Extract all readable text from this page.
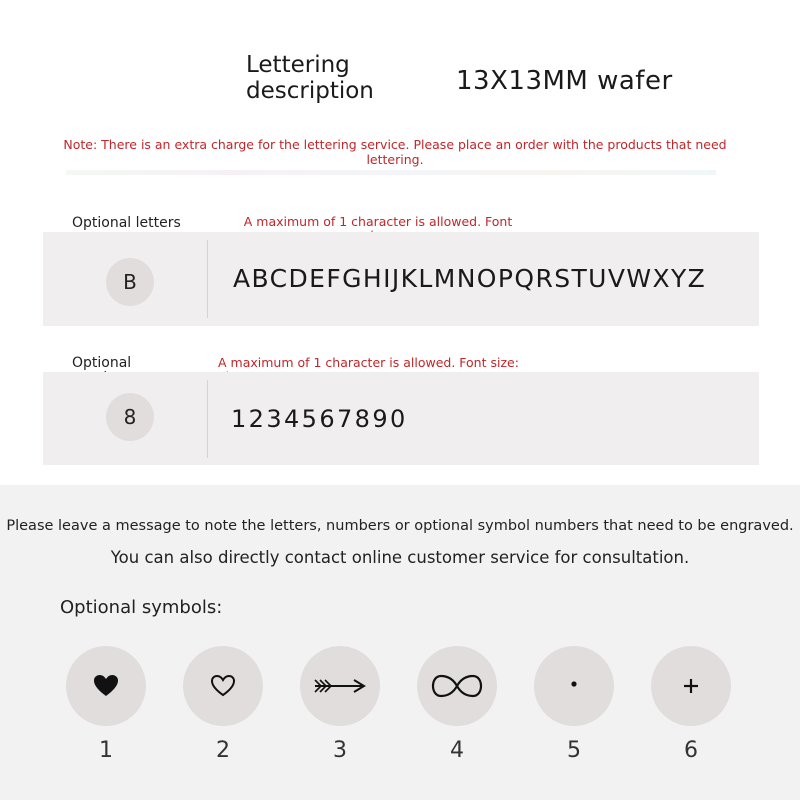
Lettering
description	13X13MM wafer
Note: There is an extra charge for the lettering service. Please place an order with the products that need
lettering.
Optional letters	A maximum of 1 character is allowed. Font
B	ABCDEFGHIJKLMNOPQRSTUVWXYZ
Optional	A maximum of 1 character is allowed. Font size:
8	1234567890
Please leave a message to note the letters, numbers or optional symbol numbers that need to be engraved.
You can also directly contact online customer service for consultation.
Optional symbols:
1	2	3	4	5	6
